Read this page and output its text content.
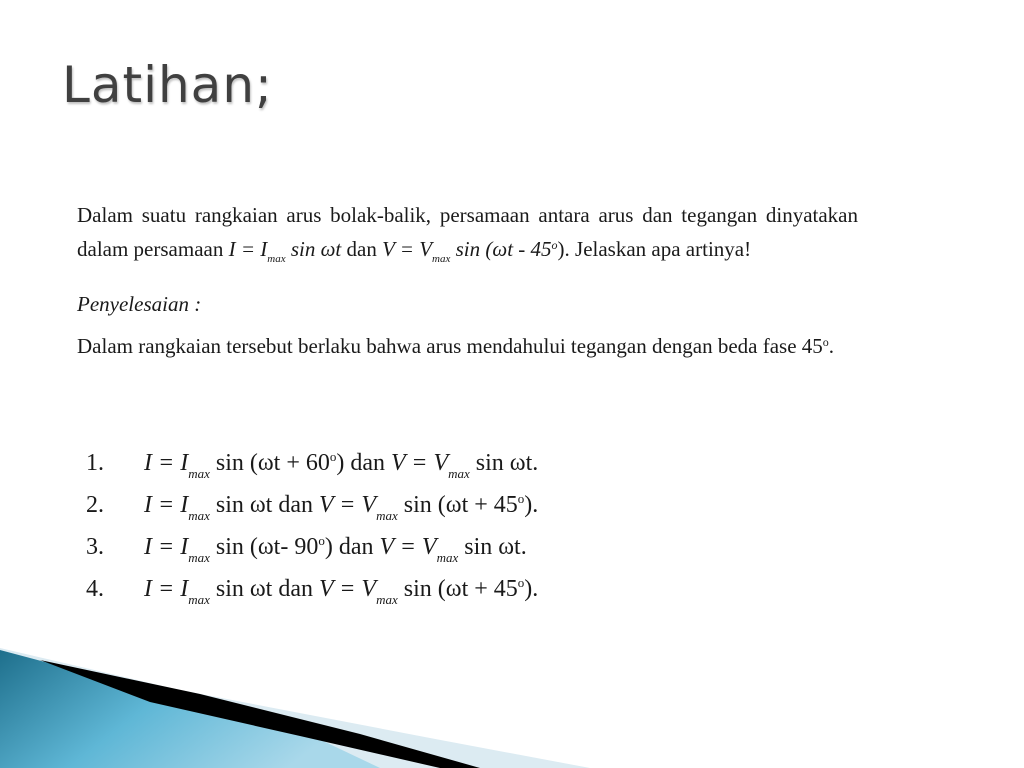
Latihan;
Dalam suatu rangkaian arus bolak-balik, persamaan antara arus dan tegangan dinyatakan dalam persamaan $I = I_{max}$ sin ωt dan $V = V_{max}$ sin (ωt - 45$^o$). Jelaskan apa artinya!
Penyelesaian :
Dalam rangkaian tersebut berlaku bahwa arus mendahului tegangan dengan beda fase 45$^o$.
1. $I = I_{max}$ $\sin (\omega t + 60^o)$ dan $V = V_{max}$ sin ωt.
2. $I = I_{max}$ sin ωt dan $V = V_{max}$ $\sin (\omega t + 45^o)$.
3. $I = I_{max}$ sin (ωt- 90$^o$) dan $V = V_{max}$ sin ωt.
4. $I = I_{max}$ sin ωt dan $V = V_{max}$ $\sin (\omega t + 45^o)$.
